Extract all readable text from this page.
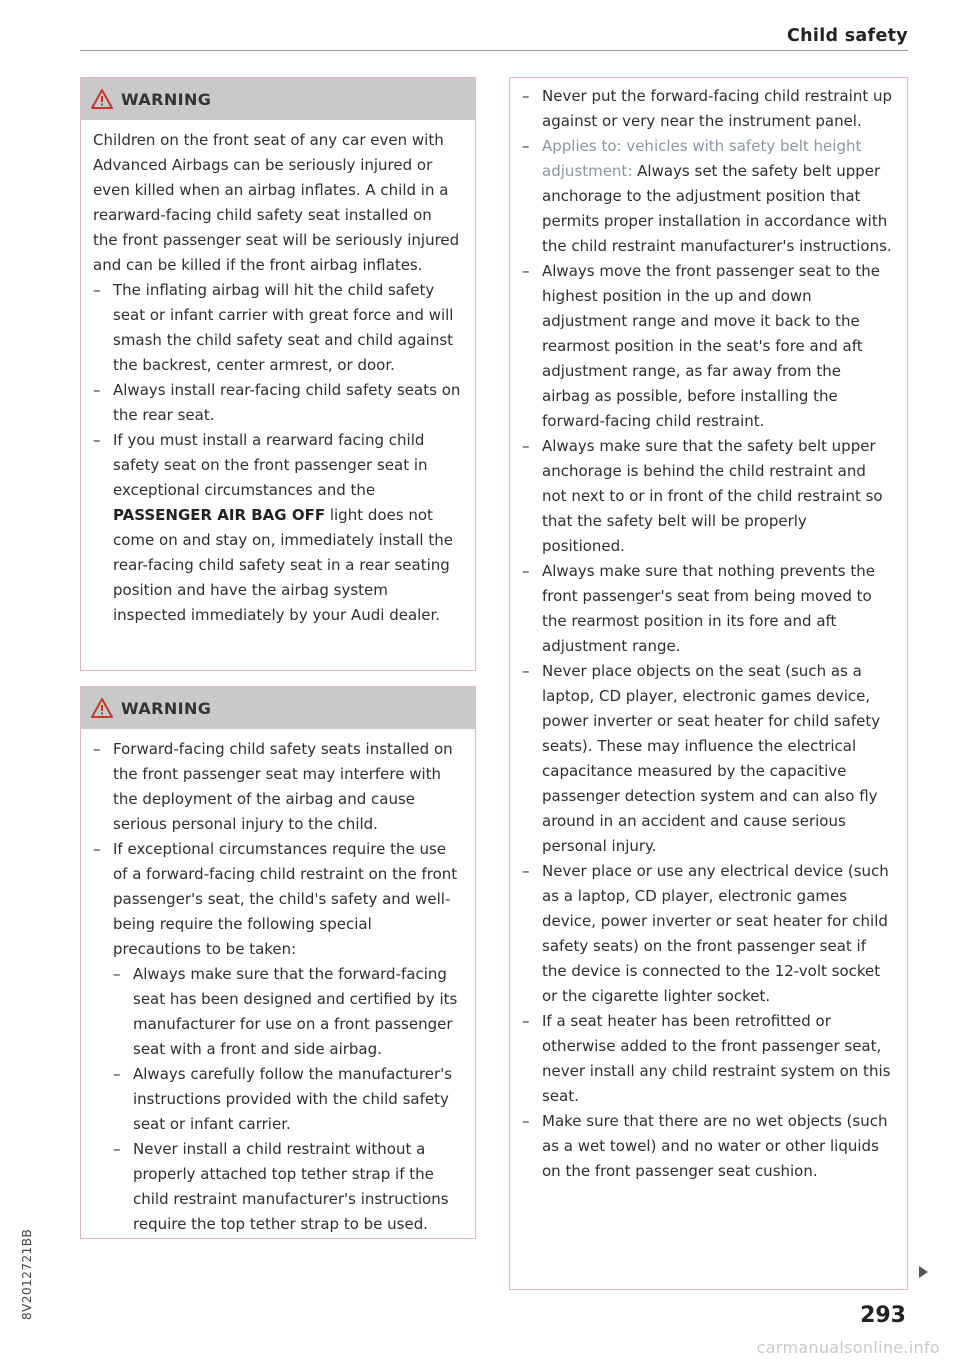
Child safety
8V2012721BB
WARNING

Children on the front seat of any car even with Advanced Airbags can be seriously injured or even killed when an airbag inflates. A child in a rearward-facing child safety seat installed on the front passenger seat will be seriously injured and can be killed if the front airbag inflates.

– The inflating airbag will hit the child safety seat or infant carrier with great force and will smash the child safety seat and child against the backrest, center armrest, or door.

– Always install rear-facing child safety seats on the rear seat.

– If you must install a rearward facing child safety seat on the front passenger seat in exceptional circumstances and the PASSENGER AIR BAG OFF light does not come on and stay on, immediately install the rear-facing child safety seat in a rear seating position and have the airbag system inspected immediately by your Audi dealer.

WARNING

– Forward-facing child safety seats installed on the front passenger seat may interfere with the deployment of the airbag and cause serious personal injury to the child.

– If exceptional circumstances require the use of a forward-facing child restraint on the front passenger's seat, the child's safety and well-being require the following special precautions to be taken:

– Always make sure that the forward-facing seat has been designed and certified by its manufacturer for use on a front passenger seat with a front and side airbag.

– Always carefully follow the manufacturer's instructions provided with the child safety seat or infant carrier.

– Never install a child restraint without a properly attached top tether strap if the child restraint manufacturer's instructions require the top tether strap to be used.

– Never put the forward-facing child restraint up against or very near the instrument panel.

– Applies to: vehicles with safety belt height adjustment: Always set the safety belt upper anchorage to the adjustment position that permits proper installation in accordance with the child restraint manufacturer's instructions.

– Always move the front passenger seat to the highest position in the up and down adjustment range and move it back to the rearmost position in the seat's fore and aft adjustment range, as far away from the airbag as possible, before installing the forward-facing child restraint.

– Always make sure that the safety belt upper anchorage is behind the child restraint and not next to or in front of the child restraint so that the safety belt will be properly positioned.

– Always make sure that nothing prevents the front passenger's seat from being moved to the rearmost position in its fore and aft adjustment range.

– Never place objects on the seat (such as a laptop, CD player, electronic games device, power inverter or seat heater for child safety seats). These may influence the electrical capacitance measured by the capacitive passenger detection system and can also fly around in an accident and cause serious personal injury.

– Never place or use any electrical device (such as a laptop, CD player, electronic games device, power inverter or seat heater for child safety seats) on the front passenger seat if the device is connected to the 12-volt socket or the cigarette lighter socket.

– If a seat heater has been retrofitted or otherwise added to the front passenger seat, never install any child restraint system on this seat.

– Make sure that there are no wet objects (such as a wet towel) and no water or other liquids on the front passenger seat cushion.

293
carmanualsonline.info
